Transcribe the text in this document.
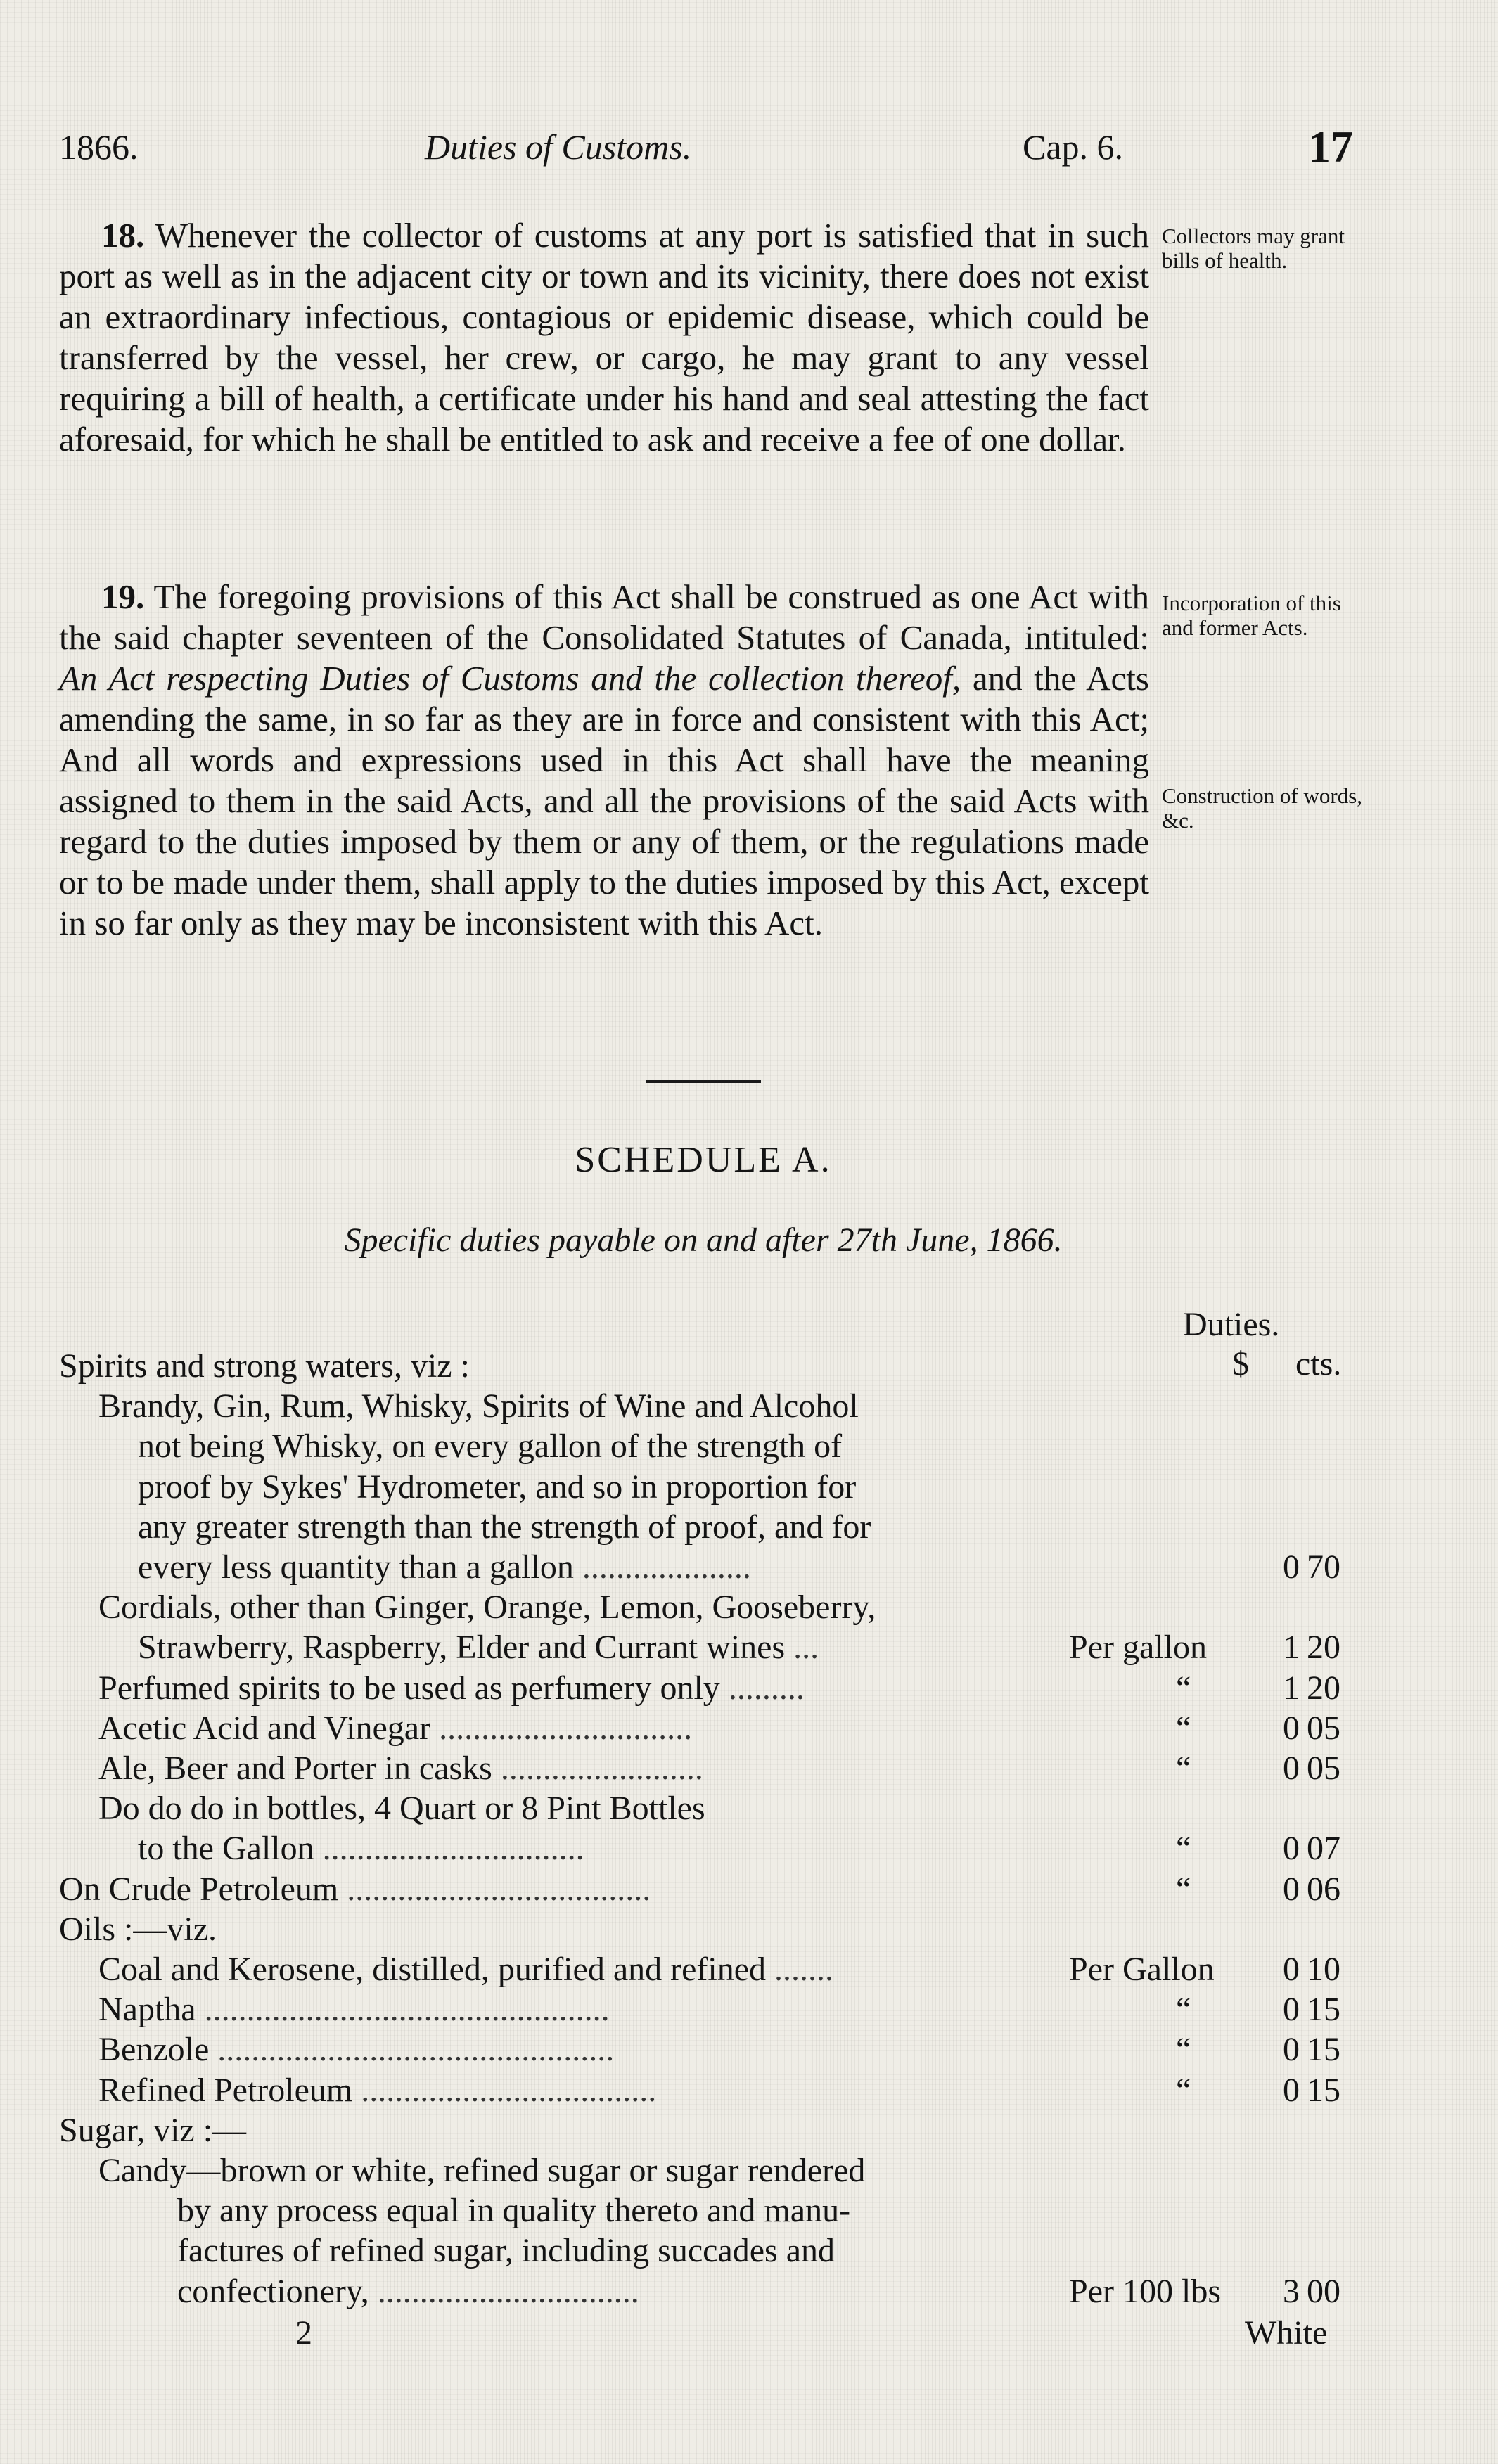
1866.	Duties of Customs.	Cap. 6.	17

18. Whenever the collector of customs at any port is satisfied that in such port as well as in the adjacent city or town and its vicinity, there does not exist an extraordinary infectious, contagious or epidemic disease, which could be transferred by the vessel, her crew, or cargo, he may grant to any vessel requiring a bill of health, a certificate under his hand and seal attesting the fact aforesaid, for which he shall be entitled to ask and receive a fee of one dollar.

Collectors may grant bills of health.

19. The foregoing provisions of this Act shall be construed as one Act with the said chapter seventeen of the Consolidated Statutes of Canada, intituled: An Act respecting Duties of Customs and the collection thereof, and the Acts amending the same, in so far as they are in force and consistent with this Act; And all words and expressions used in this Act shall have the meaning assigned to them in the said Acts, and all the provisions of the said Acts with regard to the duties imposed by them or any of them, or the regulations made or to be made under them, shall apply to the duties imposed by this Act, except in so far only as they may be inconsistent with this Act.

Incorporation of this and former Acts.
Construction of words, &c.
SCHEDULE A.
Specific duties payable on and after 27th June, 1866.
Duties.
$ cts.
Spirits and strong waters, viz :
Brandy, Gin, Rum, Whisky, Spirits of Wine and Alcohol
not being Whisky, on every gallon of the strength of
proof by Sykes' Hydrometer, and so in proportion for
any greater strength than the strength of proof, and for
every less quantity than a gallon ....................	0 70
Cordials, other than Ginger, Orange, Lemon, Gooseberry,
Strawberry, Raspberry, Elder and Currant wines ...	Per gallon	1 20
Perfumed spirits to be used as perfumery only .........	“	1 20
Acetic Acid and Vinegar ..............................	“	0 05
Ale, Beer and Porter in casks ........................	“	0 05
Do do do in bottles, 4 Quart or 8 Pint Bottles
to the Gallon ...............................	“	0 07
On Crude Petroleum ....................................	“	0 06
Oils :—viz.
Coal and Kerosene, distilled, purified and refined .......	Per Gallon	0 10
Naptha ................................................	“	0 15
Benzole ...............................................	“	0 15
Refined Petroleum ...................................	“	0 15
Sugar, viz :—
Candy—brown or white, refined sugar or sugar rendered
by any process equal in quality thereto and manu-
factures of refined sugar, including succades and
confectionery, ...............................	Per 100 lbs	3 00
2	White
